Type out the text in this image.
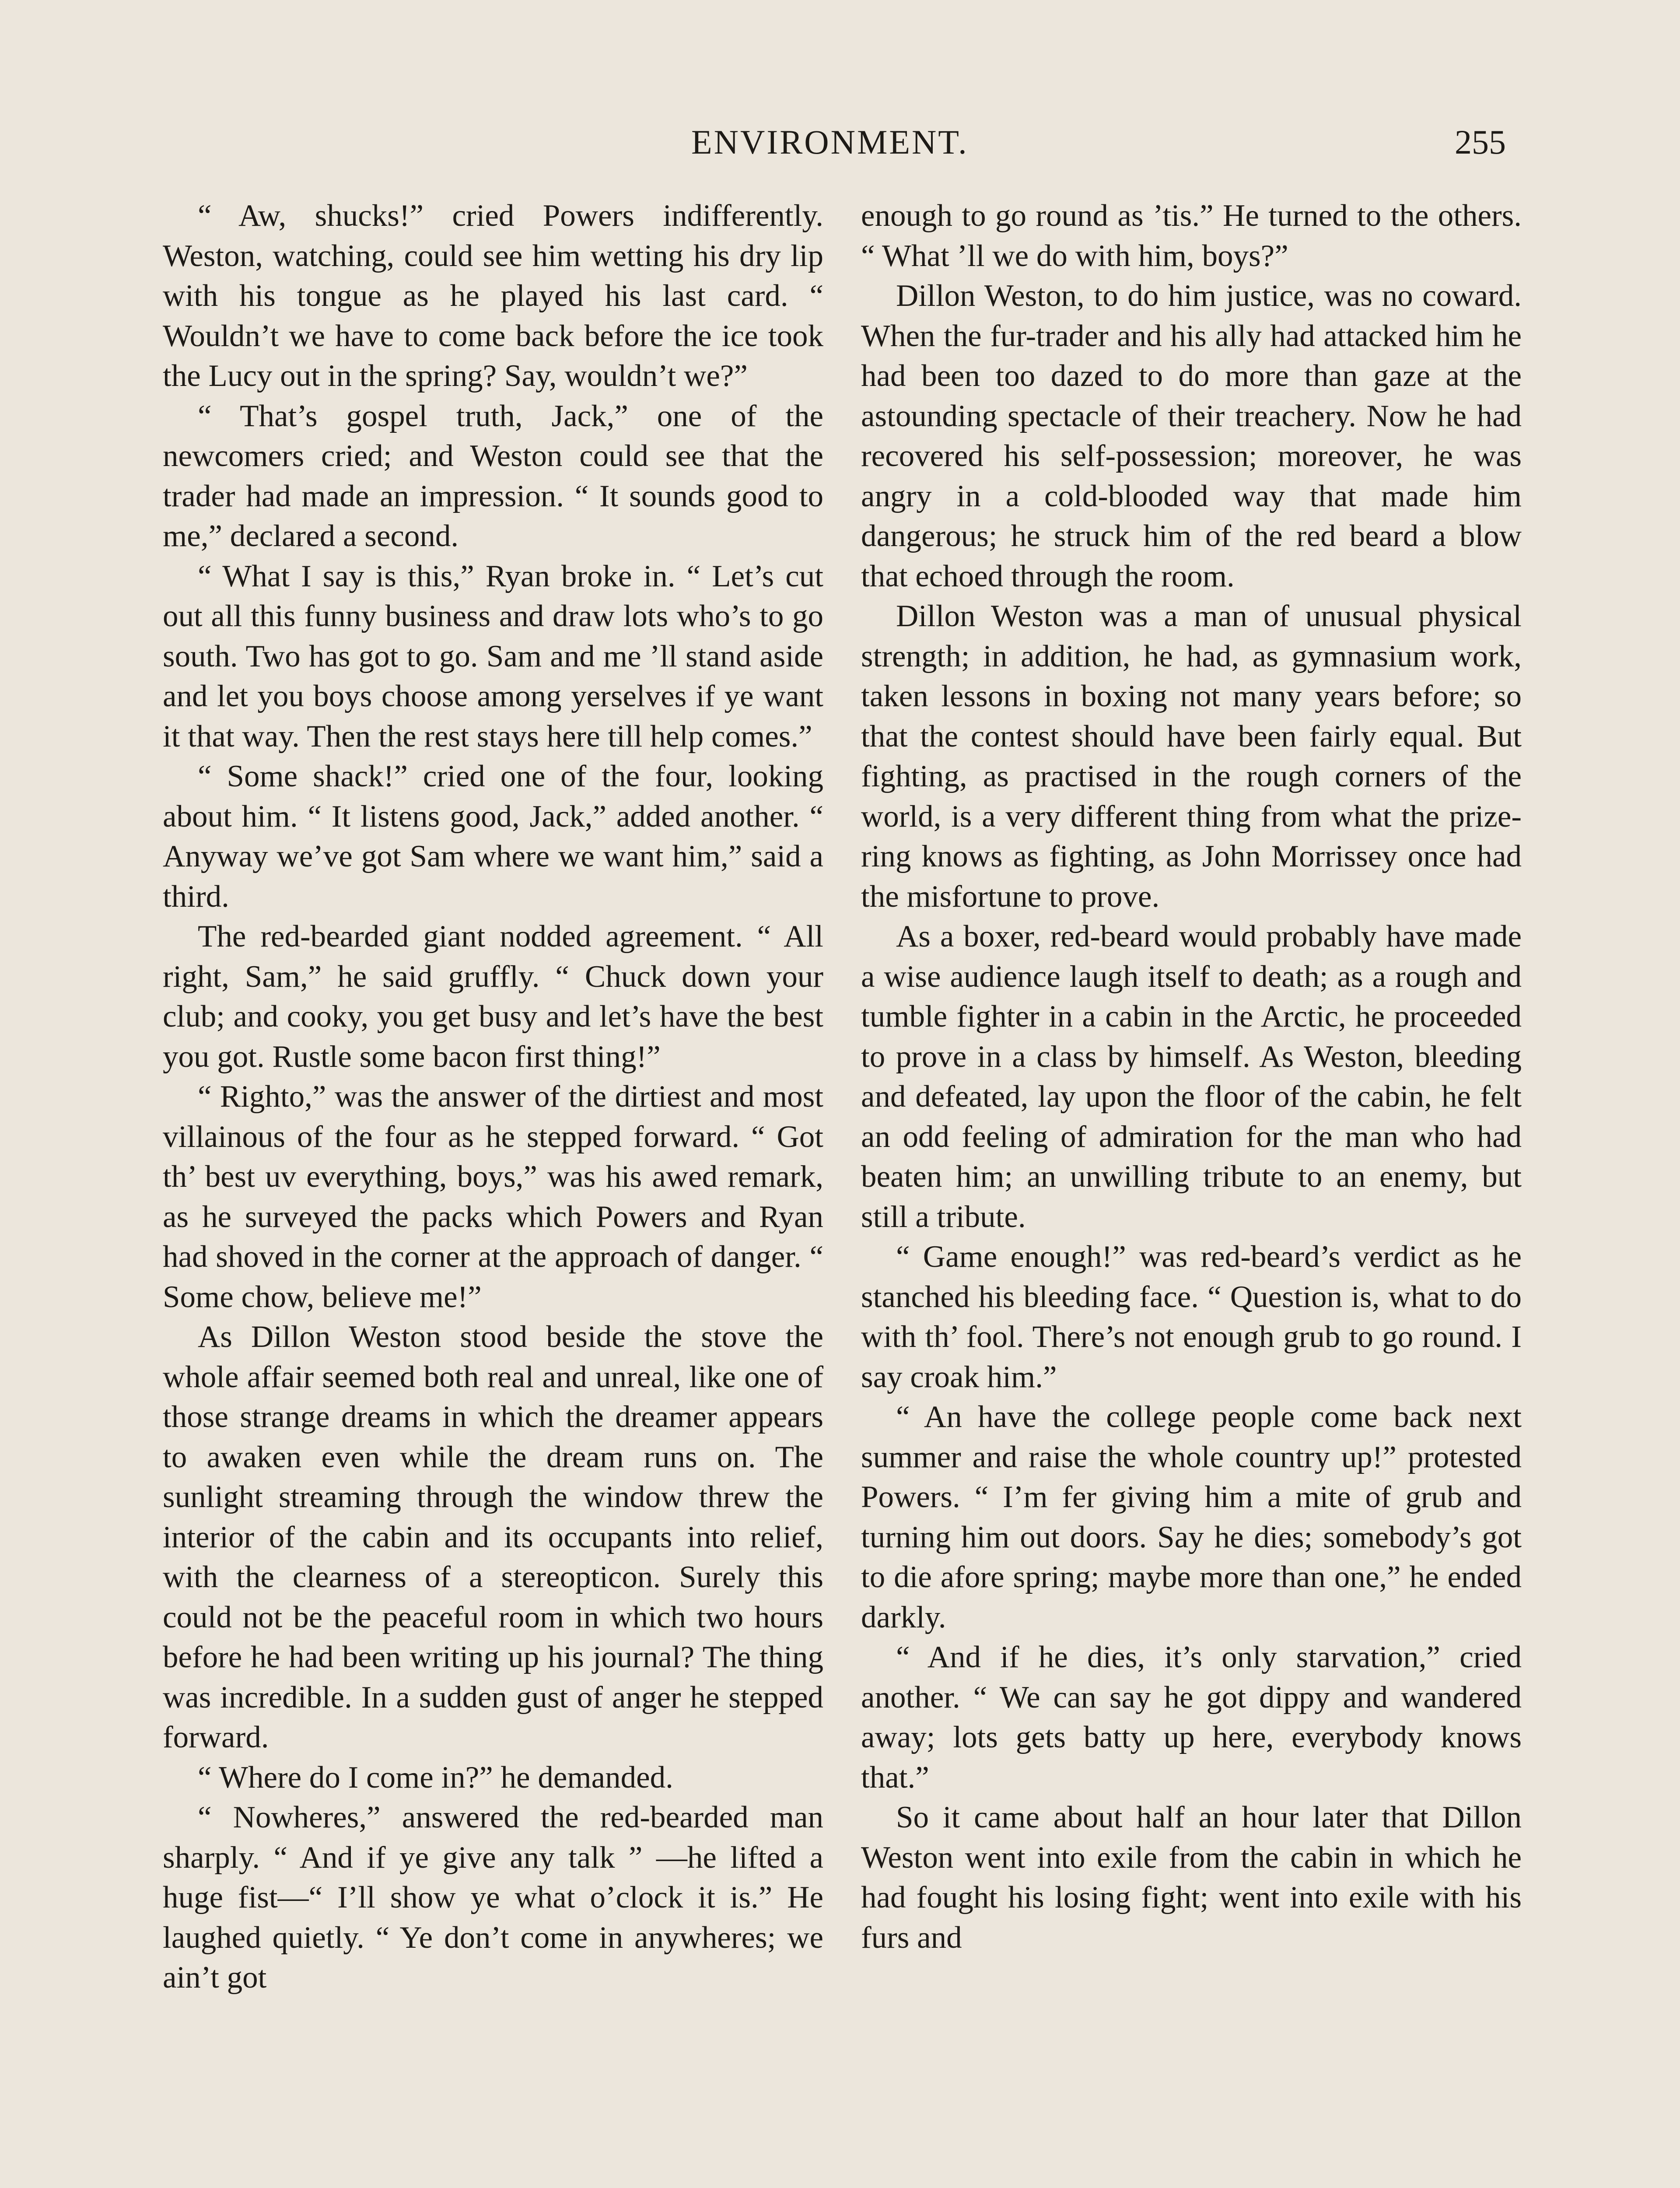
ENVIRONMENT.	255

“ Aw, shucks!” cried Powers indifferently. Weston, watching, could see him wetting his dry lip with his tongue as he played his last card. “ Wouldn’t we have to come back before the ice took the Lucy out in the spring? Say, wouldn’t we?”

“ That’s gospel truth, Jack,” one of the newcomers cried; and Weston could see that the trader had made an impression. “ It sounds good to me,” declared a second.

“ What I say is this,” Ryan broke in. “ Let’s cut out all this funny business and draw lots who’s to go south. Two has got to go. Sam and me ’ll stand aside and let you boys choose among yerselves if ye want it that way. Then the rest stays here till help comes.”

“ Some shack!” cried one of the four, looking about him. “ It listens good, Jack,” added another. “ Anyway we’ve got Sam where we want him,” said a third.

The red-bearded giant nodded agreement. “ All right, Sam,” he said gruffly. “ Chuck down your club; and cooky, you get busy and let’s have the best you got. Rustle some bacon first thing!”

“ Righto,” was the answer of the dirtiest and most villainous of the four as he stepped forward. “ Got th’ best uv everything, boys,” was his awed remark, as he surveyed the packs which Powers and Ryan had shoved in the corner at the approach of danger. “ Some chow, believe me!”

As Dillon Weston stood beside the stove the whole affair seemed both real and unreal, like one of those strange dreams in which the dreamer appears to awaken even while the dream runs on. The sunlight streaming through the window threw the interior of the cabin and its occupants into relief, with the clearness of a stereopticon. Surely this could not be the peaceful room in which two hours before he had been writing up his journal? The thing was incredible. In a sudden gust of anger he stepped forward.

“ Where do I come in?” he demanded.

“ Nowheres,” answered the red-bearded man sharply. “ And if ye give any talk ” —he lifted a huge fist—“ I’ll show ye what o’clock it is.” He laughed quietly. “ Ye don’t come in anywheres; we ain’t got

enough to go round as ’tis.” He turned to the others. “ What ’ll we do with him, boys?”

Dillon Weston, to do him justice, was no coward. When the fur-trader and his ally had attacked him he had been too dazed to do more than gaze at the astounding spectacle of their treachery. Now he had recovered his self-possession; moreover, he was angry in a cold-blooded way that made him dangerous; he struck him of the red beard a blow that echoed through the room.

Dillon Weston was a man of unusual physical strength; in addition, he had, as gymnasium work, taken lessons in boxing not many years before; so that the contest should have been fairly equal. But fighting, as practised in the rough corners of the world, is a very different thing from what the prize-ring knows as fighting, as John Morrissey once had the misfortune to prove.

As a boxer, red-beard would probably have made a wise audience laugh itself to death; as a rough and tumble fighter in a cabin in the Arctic, he proceeded to prove in a class by himself. As Weston, bleeding and defeated, lay upon the floor of the cabin, he felt an odd feeling of admiration for the man who had beaten him; an unwilling tribute to an enemy, but still a tribute.

“ Game enough!” was red-beard’s verdict as he stanched his bleeding face. “ Question is, what to do with th’ fool. There’s not enough grub to go round. I say croak him.”

“ An have the college people come back next summer and raise the whole country up!” protested Powers. “ I’m fer giving him a mite of grub and turning him out doors. Say he dies; somebody’s got to die afore spring; maybe more than one,” he ended darkly.

“ And if he dies, it’s only starvation,” cried another. “ We can say he got dippy and wandered away; lots gets batty up here, everybody knows that.”

So it came about half an hour later that Dillon Weston went into exile from the cabin in which he had fought his losing fight; went into exile with his furs and
